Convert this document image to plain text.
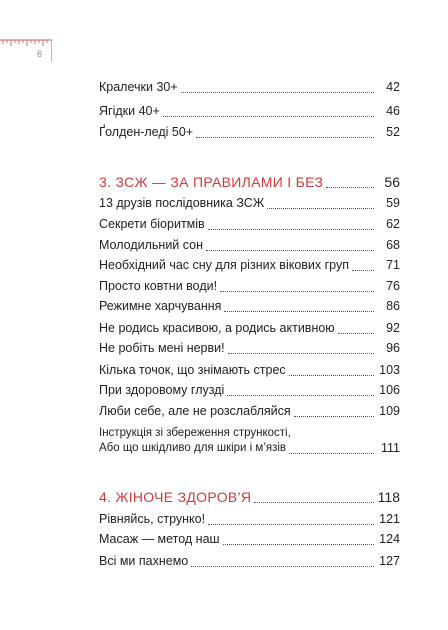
6
Кралечки 30+	42
Ягідки 40+	46
Ґолден-леді 50+	52
3. ЗСЖ — ЗА ПРАВИЛАМИ І БЕЗ	56
13 друзів послідовника ЗСЖ	59
Секрети біоритмів	62
Молодильний сон	68
Необхідний час сну для різних вікових груп	71
Просто ковтни води!	76
Режимне харчування	86
Не родись красивою, а родись активною	92
Не робіть мені нерви!	96
Кілька точок, що знімають стрес	103
При здоровому глузді	106
Люби себе, але не розслабляйся	109
Інструкція зі збереження стрункості,
Або що шкідливо для шкіри і м’язів	111
4. ЖІНОЧЕ ЗДОРОВ’Я	118
Рівняйсь, струнко!	121
Масаж — метод наш	124
Всі ми пахнемо	127
